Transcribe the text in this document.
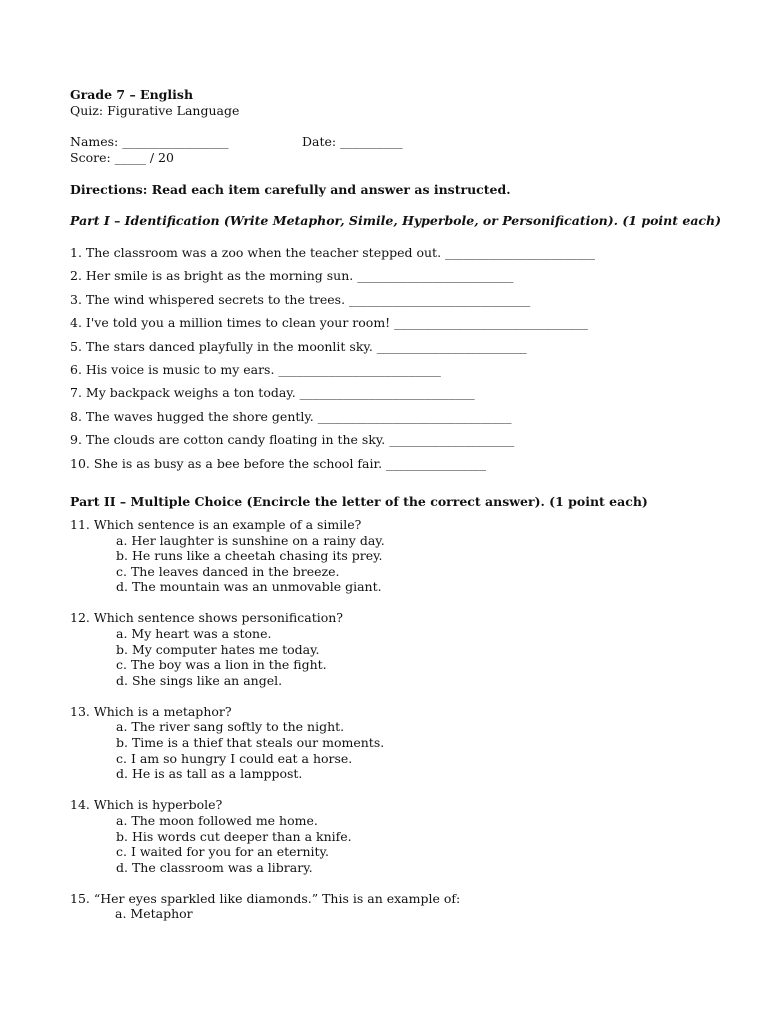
Grade 7 – English
Quiz: Figurative Language
Names: _________________	Date: __________
Score: _____ / 20
Directions: Read each item carefully and answer as instructed.
Part I – Identification (Write Metaphor, Simile, Hyperbole, or Personification). (1 point each)
1. The classroom was a zoo when the teacher stepped out. ________________________
2. Her smile is as bright as the morning sun. _________________________
3. The wind whispered secrets to the trees. _____________________________
4. I've told you a million times to clean your room! _______________________________
5. The stars danced playfully in the moonlit sky. ________________________
6. His voice is music to my ears. __________________________
7. My backpack weighs a ton today. ____________________________
8. The waves hugged the shore gently. _______________________________
9. The clouds are cotton candy floating in the sky. ____________________
10. She is as busy as a bee before the school fair. ________________
Part II – Multiple Choice (Encircle the letter of the correct answer). (1 point each)
11. Which sentence is an example of a simile?
a. Her laughter is sunshine on a rainy day.
b. He runs like a cheetah chasing its prey.
c. The leaves danced in the breeze.
d. The mountain was an unmovable giant.
12. Which sentence shows personification?
a. My heart was a stone.
b. My computer hates me today.
c. The boy was a lion in the fight.
d. She sings like an angel.
13. Which is a metaphor?
a. The river sang softly to the night.
b. Time is a thief that steals our moments.
c. I am so hungry I could eat a horse.
d. He is as tall as a lamppost.
14. Which is hyperbole?
a. The moon followed me home.
b. His words cut deeper than a knife.
c. I waited for you for an eternity.
d. The classroom was a library.
15. “Her eyes sparkled like diamonds.” This is an example of:
a. Metaphor
